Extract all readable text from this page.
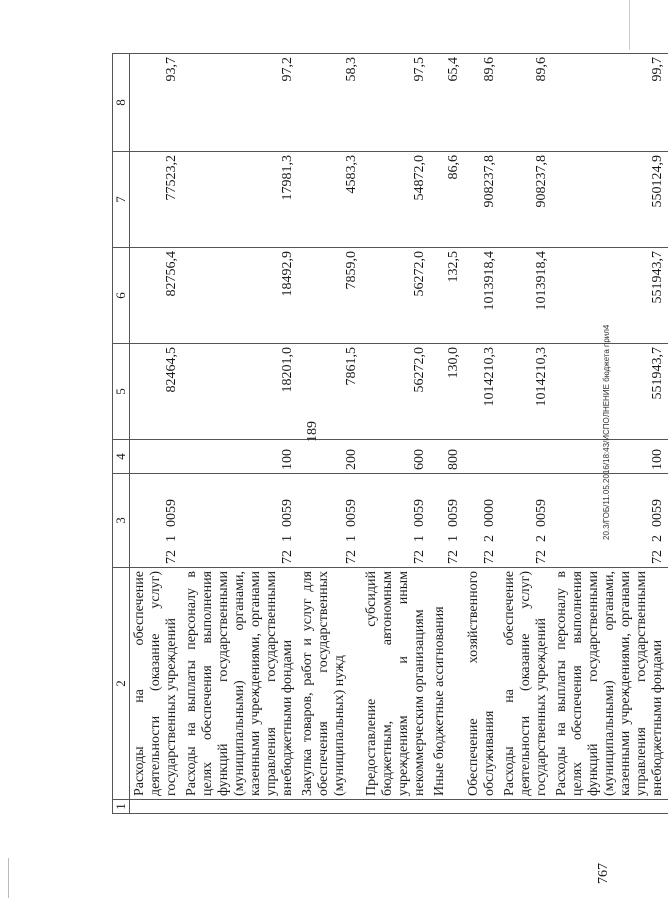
1	2	3	4	5	6	7	8
	Расходы на обеспечение деятельности (оказание услуг) государственных учреждений	7210059		82464,5	82756,4	77523,2	93,7
	Расходы на выплаты персоналу в целях обеспечения выполнения функций государственными (муниципальными) органами, казенными учреждениями, органами управления государственными внебюджетными фондами	7210059	100	18201,0	18492,9	17981,3	97,2
	Закупка товаров, работ и услуг для обеспечения государственных (муниципальных) нужд	7210059	200	7861,5	7859,0	4583,3	58,3
	Предоставление субсидий бюджетным, автономным учреждениям и иным некоммерческим организациям	7210059	600	56272,0	56272,0	54872,0	97,5
	Иные бюджетные ассигнования	7210059	800	130,0	132,5	86,6	65,4
	Обеспечение хозяйственного обслуживания	7220000		1014210,3	1013918,4	908237,8	89,6
	Расходы на обеспечение деятельности (оказание услуг) государственных учреждений	7220059		1014210,3	1013918,4	908237,8	89,6
	Расходы на выплаты персоналу в целях обеспечения выполнения функций государственными (муниципальными) органами, казенными учреждениями, органами управления государственными внебюджетными фондами	7220059	100	551943,7	551943,7	550124,9	99,7
189
767
20.3/ГОБ/11.05.2016/18:43/ИСПОЛНЕНИЕ бюджета прил4
